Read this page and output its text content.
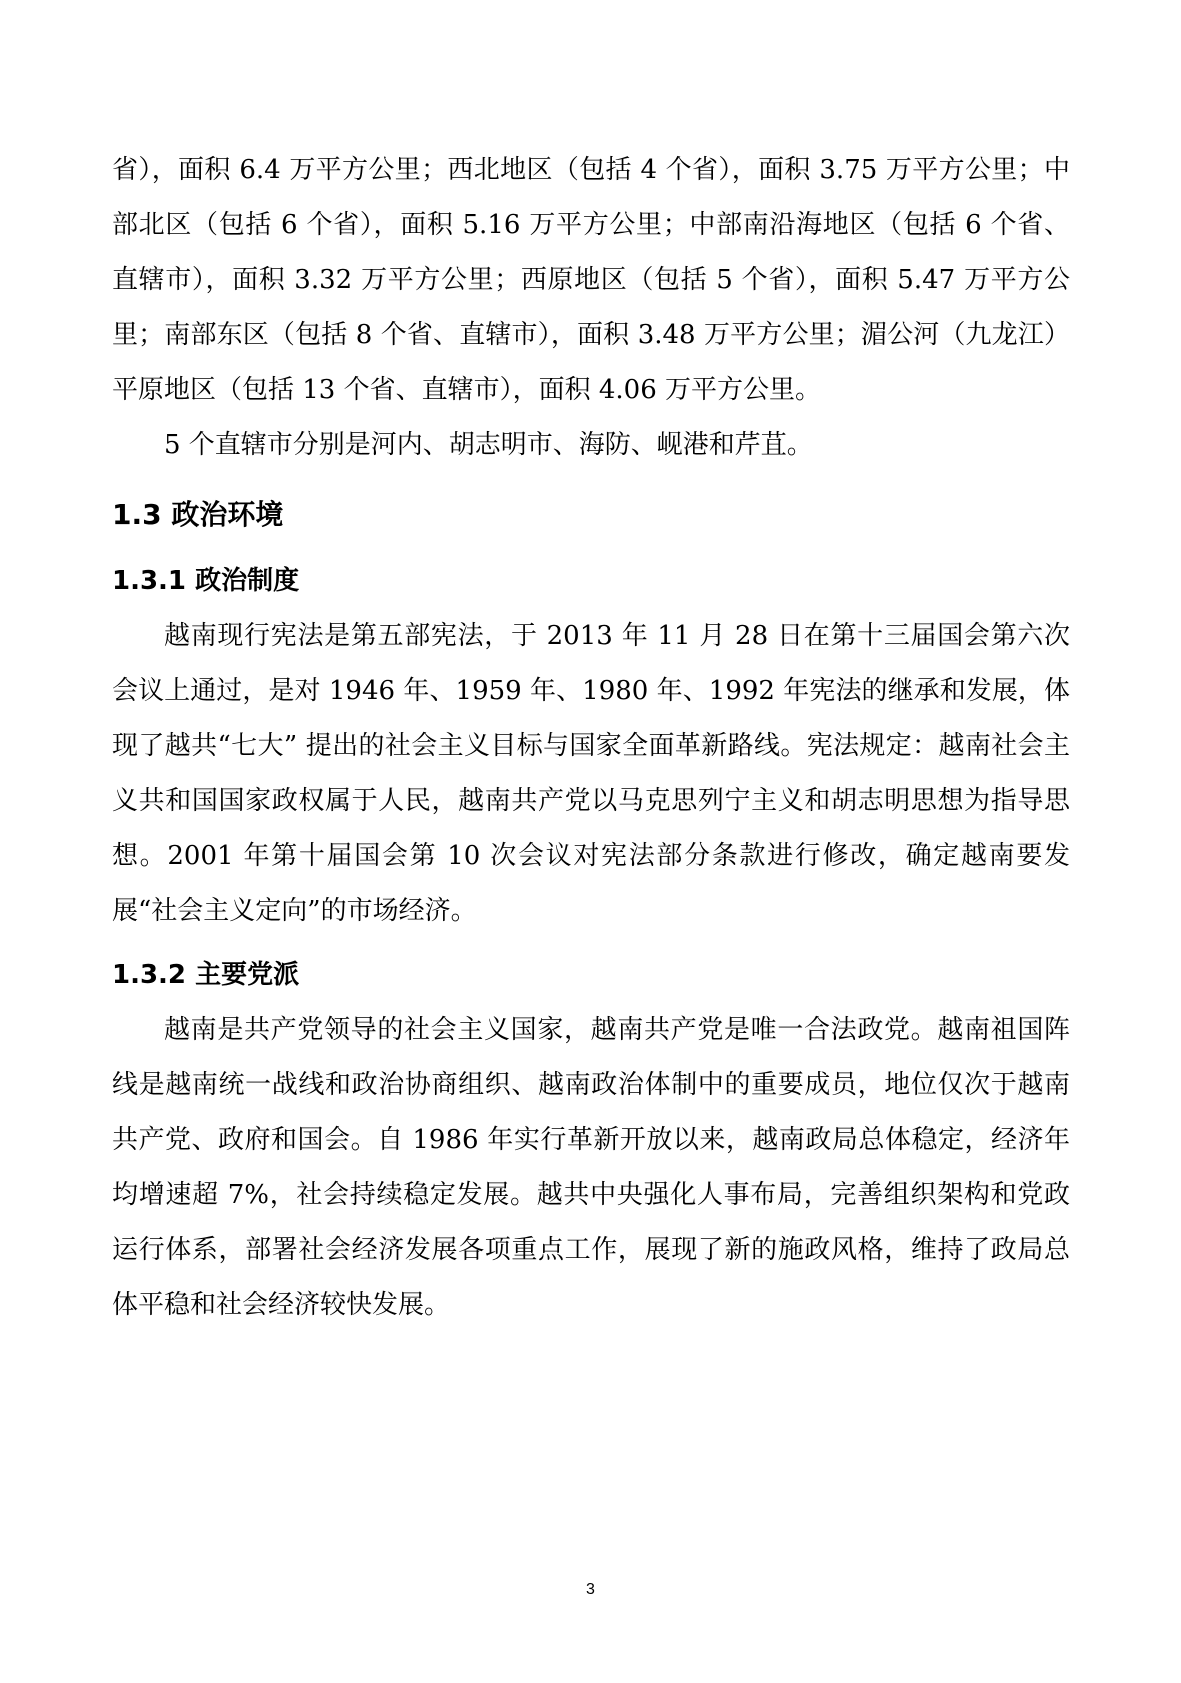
省），面积 6.4 万平方公里；西北地区（包括 4 个省），面积 3.75 万平方公里；中部北区（包括 6 个省），面积 5.16 万平方公里；中部南沿海地区（包括 6 个省、直辖市），面积 3.32 万平方公里；西原地区（包括 5 个省），面积 5.47 万平方公里；南部东区（包括 8 个省、直辖市），面积 3.48 万平方公里；湄公河（九龙江）平原地区（包括 13 个省、直辖市），面积 4.06 万平方公里。

5 个直辖市分别是河内、胡志明市、海防、岘港和芹苴。

1.3 政治环境
1.3.1 政治制度

越南现行宪法是第五部宪法，于 2013 年 11 月 28 日在第十三届国会第六次会议上通过，是对 1946 年、1959 年、1980 年、1992 年宪法的继承和发展，体现了越共“七大” 提出的社会主义目标与国家全面革新路线。宪法规定：越南社会主义共和国国家政权属于人民，越南共产党以马克思列宁主义和胡志明思想为指导思想。2001 年第十届国会第 10 次会议对宪法部分条款进行修改，确定越南要发展“社会主义定向”的市场经济。

1.3.2 主要党派

越南是共产党领导的社会主义国家，越南共产党是唯一合法政党。越南祖国阵线是越南统一战线和政治协商组织、越南政治体制中的重要成员，地位仅次于越南共产党、政府和国会。自 1986 年实行革新开放以来，越南政局总体稳定，经济年均增速超 7%，社会持续稳定发展。越共中央强化人事布局，完善组织架构和党政运行体系，部署社会经济发展各项重点工作，展现了新的施政风格，维持了政局总体平稳和社会经济较快发展。

3
